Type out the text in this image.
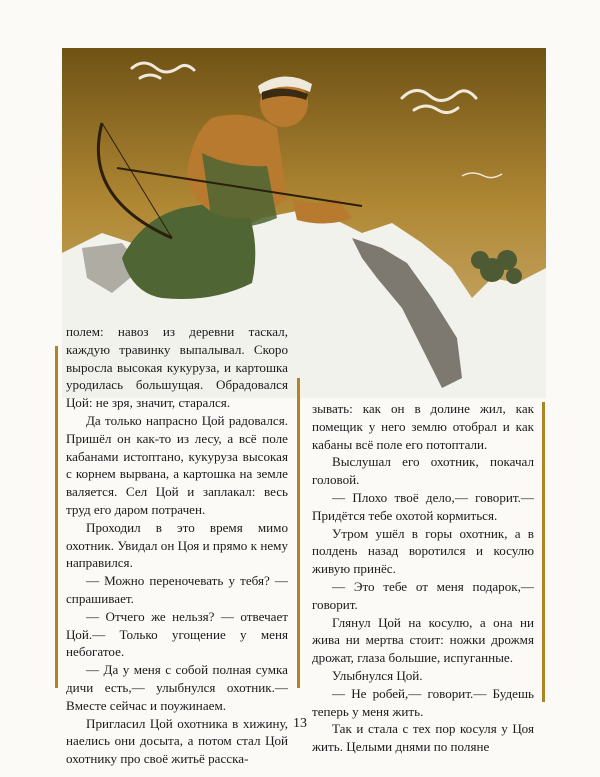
полем: навоз из деревни таскал, каждую травинку выпалывал. Скоро выросла высокая кукуруза, и картошка уродилась большущая. Обрадовался Цой: не зря, значит, старался.

Да только напрасно Цой радовался. Пришёл он как-то из лесу, а всё поле кабанами истоптано, кукуруза высокая с корнем вырвана, а картошка на земле валяется. Сел Цой и заплакал: весь труд его даром потрачен.

Проходил в это время мимо охотник. Увидал он Цоя и прямо к нему направился.

— Можно переночевать у тебя? — спрашивает.

— Отчего же нельзя? — отвечает Цой.— Только угощение у меня небогатое.

— Да у меня с собой полная сумка дичи есть,— улыбнулся охотник.— Вместе сейчас и поужинаем.

Пригласил Цой охотника в хижину, наелись они досыта, а потом стал Цой охотнику про своё житьё расска-

зывать: как он в долине жил, как помещик у него землю отобрал и как кабаны всё поле его потоптали.

Выслушал его охотник, покачал головой.

— Плохо твоё дело,— говорит.— Придётся тебе охотой кормиться.

Утром ушёл в горы охотник, а в полдень назад воротился и косулю живую принёс.

— Это тебе от меня подарок,— говорит.

Глянул Цой на косулю, а она ни жива ни мертва стоит: ножки дрожмя дрожат, глаза большие, испуганные.

Улыбнулся Цой.

— Не робей,— говорит.— Будешь теперь у меня жить.

Так и стала с тех пор косуля у Цоя жить. Целыми днями по поляне

13
